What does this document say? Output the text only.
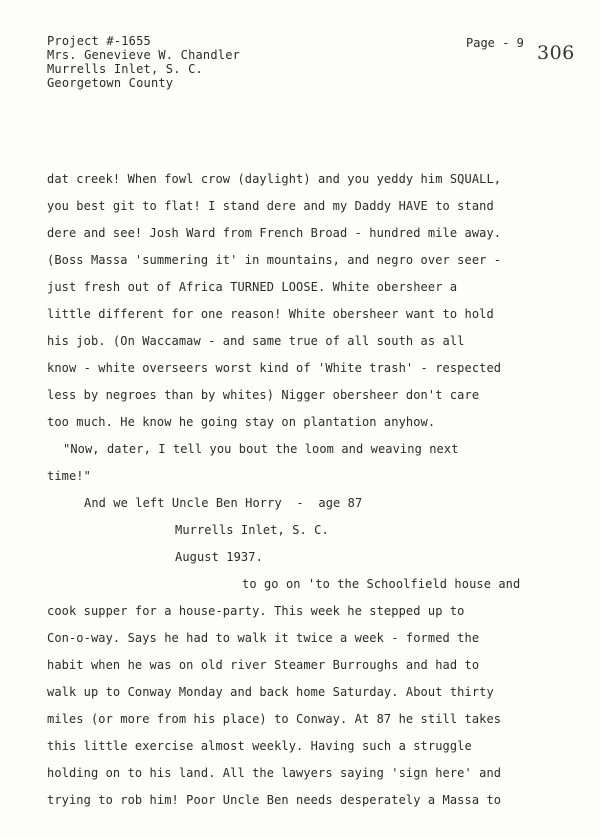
Project #-1655
Mrs. Genevieve W. Chandler
Murrells Inlet, S. C.
Georgetown County
Page - 9 306
dat creek! When fowl crow (daylight) and you yeddy him SQUALL,
you best git to flat! I stand dere and my Daddy HAVE to stand
dere and see! Josh Ward from French Broad - hundred mile away.
(Boss Massa 'summering it' in mountains, and negro over seer -
just fresh out of Africa TURNED LOOSE. White obersheer a
little different for one reason! White obersheer want to hold
his job. (On Waccamaw - and same true of all south as all
know - white overseers worst kind of 'White trash' - respected
less by negroes than by whites) Nigger obersheer don't care
too much. He know he going stay on plantation anyhow.
"Now, dater, I tell you bout the loom and weaving next
time!"
And we left Uncle Ben Horry  -  age 87
Murrells Inlet, S. C.
August 1937.
to go on 'to the Schoolfield house and
cook supper for a house-party. This week he stepped up to
Con-o-way. Says he had to walk it twice a week - formed the
habit when he was on old river Steamer Burroughs and had to
walk up to Conway Monday and back home Saturday. About thirty
miles (or more from his place) to Conway. At 87 he still takes
this little exercise almost weekly. Having such a struggle
holding on to his land. All the lawyers saying 'sign here' and
trying to rob him! Poor Uncle Ben needs desperately a Massa to
